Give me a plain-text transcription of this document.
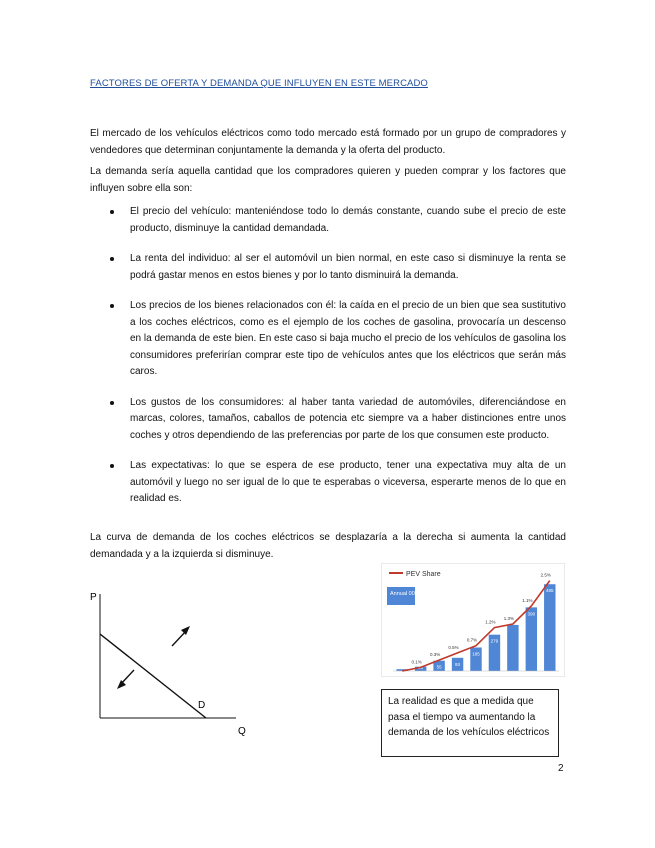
FACTORES DE OFERTA Y DEMANDA QUE INFLUYEN EN ESTE MERCADO
El mercado de los vehículos eléctricos como todo mercado está formado por un grupo de compradores y vendedores que determinan conjuntamente la demanda y la oferta del producto.
La demanda sería aquella cantidad que los compradores quieren y pueden comprar y los factores que influyen sobre ella son:
El precio del vehículo: manteniéndose todo lo demás constante, cuando sube el precio de este producto, disminuye la cantidad demandada.
La renta del individuo: al ser el automóvil un bien normal, en este caso si disminuye la renta se podrá gastar menos en estos bienes y por lo tanto disminuirá la demanda.
Los precios de los bienes relacionados con él: la caída en el precio de un bien que sea sustitutivo a los coches eléctricos, como es el ejemplo de los coches de gasolina, provocaría un descenso en la demanda de este bien. En este caso si baja mucho el precio de los vehículos de gasolina los consumidores preferirían comprar este tipo de vehículos antes que los eléctricos que serán más caros.
Los gustos de los consumidores: al haber tanta variedad de automóviles, diferenciándose en marcas, colores, tamaños, caballos de potencia etc siempre va a haber distinciones entre unos coches y otros dependiendo de las preferencias por parte de los que consumen este producto.
Las expectativas: lo que se espera de ese producto, tener una expectativa muy alta de un automóvil y luego no ser igual de lo que te esperabas o viceversa, esperarte menos de lo que en realidad es.
La curva de demanda de los coches eléctricos se desplazaría a la derecha si aumenta la cantidad demandada y a la izquierda si disminuye.
P
D
Q
PEV Share
Annual 000s
13	55
93
185
279
390
485
0.1%
0.3%
0.5%
0.7%
1.2%
1.3%
1.1%
2.5%
La realidad es que a medida que pasa el tiempo va aumentando la demanda de los vehículos eléctricos
2
